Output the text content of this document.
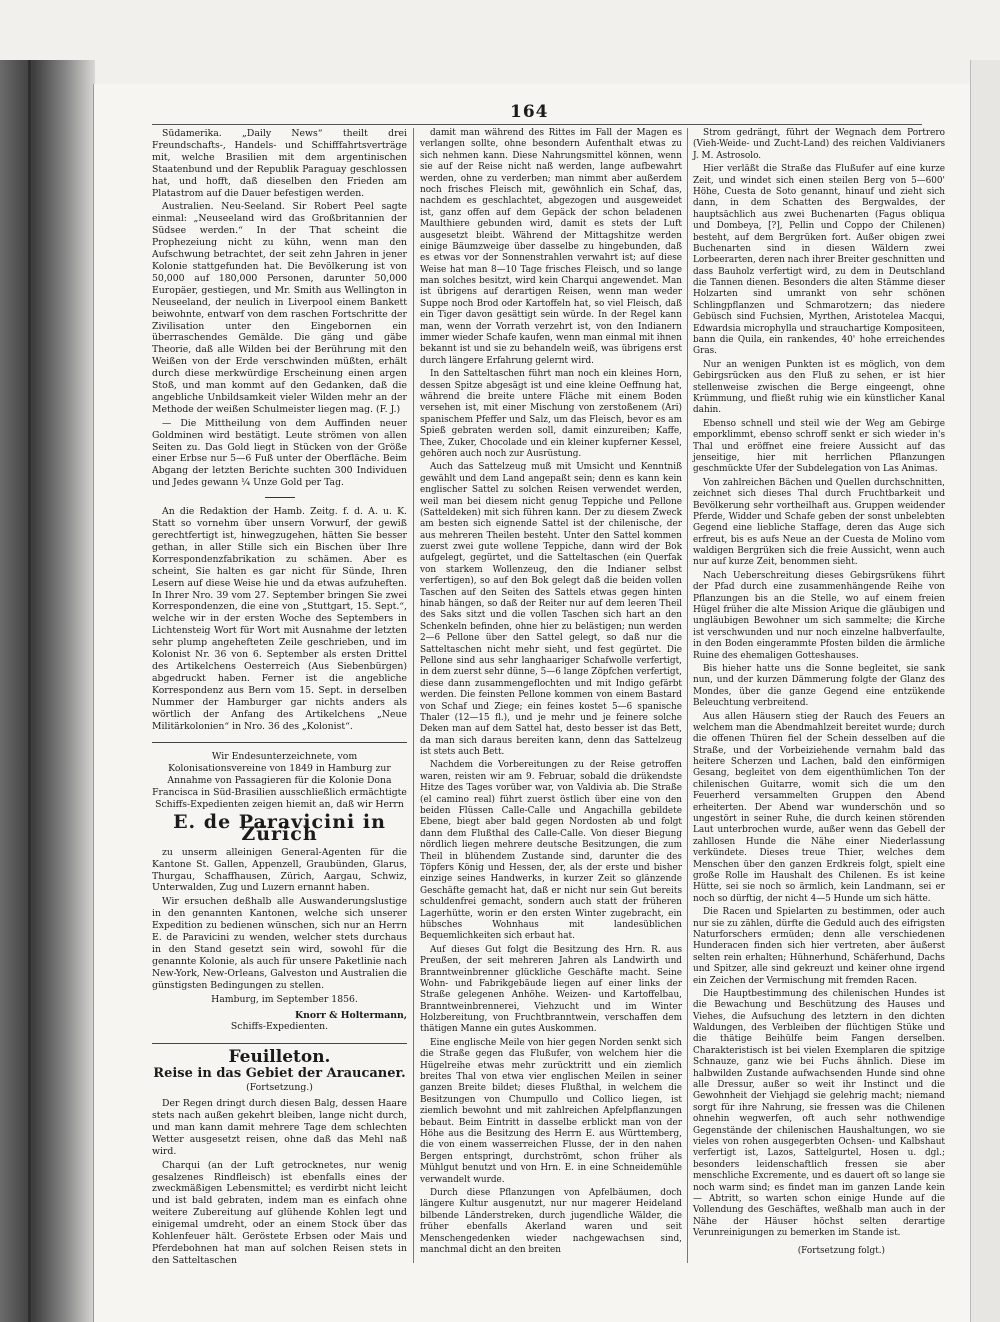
164

Südamerika. „Daily News“ theilt drei Freundschafts-, Handels- und Schifffahrtsverträge mit, welche Brasilien mit dem argentinischen Staatenbund und der Republik Paraguay geschlossen hat, und hofft, daß dieselben den Frieden am Platastrom auf die Dauer befestigen werden.

Australien. Neu-Seeland. Sir Robert Peel sagte einmal: „Neuseeland wird das Großbritannien der Südsee werden.“ In der That scheint die Prophezeiung nicht zu kühn, wenn man den Aufschwung betrachtet, der seit zehn Jahren in jener Kolonie stattgefunden hat. Die Bevölkerung ist von 50,000 auf 180,000 Personen, darunter 50,000 Europäer, gestiegen, und Mr. Smith aus Wellington in Neuseeland, der neulich in Liverpool einem Bankett beiwohnte, entwarf von dem raschen Fortschritte der Zivilisation unter den Eingebornen ein überraschendes Gemälde. Die gäng und gäbe Theorie, daß alle Wilden bei der Berührung mit den Weißen von der Erde verschwinden müßten, erhält durch diese merkwürdige Erscheinung einen argen Stoß, und man kommt auf den Gedanken, daß die angebliche Unbildsamkeit vieler Wilden mehr an der Methode der weißen Schulmeister liegen mag. (F. J.)

— Die Mittheilung von dem Auffinden neuer Goldminen wird bestätigt. Leute strömen von allen Seiten zu. Das Gold liegt in Stücken von der Größe einer Erbse nur 5—6 Fuß unter der Oberfläche. Beim Abgang der letzten Berichte suchten 300 Individuen und Jedes gewann ¼ Unze Gold per Tag.

An die Redaktion der Hamb. Zeitg. f. d. A. u. K. Statt so vornehm über unsern Vorwurf, der gewiß gerechtfertigt ist, hinwegzugehen, hätten Sie besser gethan, in aller Stille sich ein Bischen über Ihre Korrespondenzfabrikation zu schämen. Aber es scheint, Sie halten es gar nicht für Sünde, Ihren Lesern auf diese Weise hie und da etwas aufzuheften. In Ihrer Nro. 39 vom 27. September bringen Sie zwei Korrespondenzen, die eine von „Stuttgart, 15. Sept.“, welche wir in der ersten Woche des Septembers in Lichtensteig Wort für Wort mit Ausnahme der letzten sehr plump angehefteten Zeile geschrieben, und im Kolonist Nr. 36 von 6. September als ersten Drittel des Artikelchens Oesterreich (Aus Siebenbürgen) abgedruckt haben. Ferner ist die angebliche Korrespondenz aus Bern vom 15. Sept. in derselben Nummer der Hamburger gar nichts anders als wörtlich der Anfang des Artikelchens „Neue Militärkolonien“ in Nro. 36 des „Kolonist“.

Wir Endesunterzeichnete, vom Kolonisationsvereine von 1849 in Hamburg zur Annahme von Passagieren für die Kolonie Dona Francisca in Süd-Brasilien ausschließlich ermächtigte Schiffs-Expedienten zeigen hiemit an, daß wir Herrn

E. de Paravicini in Zürich

zu unserm alleinigen General-Agenten für die Kantone St. Gallen, Appenzell, Graubünden, Glarus, Thurgau, Schaffhausen, Zürich, Aargau, Schwiz, Unterwalden, Zug und Luzern ernannt haben.

Wir ersuchen deßhalb alle Auswanderungslustige in den genannten Kantonen, welche sich unserer Expedition zu bedienen wünschen, sich nur an Herrn E. de Paravicini zu wenden, welcher stets durchaus in den Stand gesetzt sein wird, sowohl für die genannte Kolonie, als auch für unsere Paketlinie nach New-York, New-Orleans, Galveston und Australien die günstigsten Bedingungen zu stellen.

Hamburg, im September 1856.

Knorr & Holtermann,
Schiffs-Expedienten.
Feuilleton.
Reise in das Gebiet der Araucaner.
(Fortsetzung.)

Der Regen dringt durch diesen Balg, dessen Haare stets nach außen gekehrt bleiben, lange nicht durch, und man kann damit mehrere Tage dem schlechten Wetter ausgesetzt reisen, ohne daß das Mehl naß wird.

Charqui (an der Luft getrocknetes, nur wenig gesalzenes Rindfleisch) ist ebenfalls eines der zweckmäßigen Lebensmittel; es verdirbt nicht leicht und ist bald gebraten, indem man es einfach ohne weitere Zubereitung auf glühende Kohlen legt und einigemal umdreht, oder an einem Stock über das Kohlenfeuer hält. Geröstete Erbsen oder Mais und Pferdebohnen hat man auf solchen Reisen stets in den Satteltaschen

damit man während des Rittes im Fall der Magen es verlangen sollte, ohne besondern Aufenthalt etwas zu sich nehmen kann. Diese Nahrungsmittel können, wenn sie auf der Reise nicht naß werden, lange aufbewahrt werden, ohne zu verderben; man nimmt aber außerdem noch frisches Fleisch mit, gewöhnlich ein Schaf, das, nachdem es geschlachtet, abgezogen und ausgeweidet ist, ganz offen auf dem Gepäck der schon beladenen Maulthiere gebunden wird, damit es stets der Luft ausgesetzt bleibt. Während der Mittagshitze werden einige Bäumzweige über dasselbe zu hingebunden, daß es etwas vor der Sonnenstrahlen verwahrt ist; auf diese Weise hat man 8—10 Tage frisches Fleisch, und so lange man solches besitzt, wird kein Charqui angewendet. Man ist übrigens auf derartigen Reisen, wenn man weder Suppe noch Brod oder Kartoffeln hat, so viel Fleisch, daß ein Tiger davon gesättigt sein würde. In der Regel kann man, wenn der Vorrath verzehrt ist, von den Indianern immer wieder Schafe kaufen, wenn man einmal mit ihnen bekannt ist und sie zu behandeln weiß, was übrigens erst durch längere Erfahrung gelernt wird.

In den Satteltaschen führt man noch ein kleines Horn, dessen Spitze abgesägt ist und eine kleine Oeffnung hat, während die breite untere Fläche mit einem Boden versehen ist, mit einer Mischung von zerstoßenem (Ari) spanischem Pfeffer und Salz, um das Fleisch, bevor es am Spieß gebraten werden soll, damit einzureiben; Kaffe, Thee, Zuker, Chocolade und ein kleiner kupferner Kessel, gehören auch noch zur Ausrüstung.

Auch das Sattelzeug muß mit Umsicht und Kenntniß gewählt und dem Land angepaßt sein; denn es kann kein englischer Sattel zu solchen Reisen verwendet werden, weil man bei diesem nicht genug Teppiche und Pellone (Satteldeken) mit sich führen kann. Der zu diesem Zweck am besten sich eignende Sattel ist der chilenische, der aus mehreren Theilen besteht. Unter den Sattel kommen zuerst zwei gute wollene Teppiche, dann wird der Bok aufgelegt, gegürtet, und die Satteltaschen (ein Querfak von starkem Wollenzeug, den die Indianer selbst verfertigen), so auf den Bok gelegt daß die beiden vollen Taschen auf den Seiten des Sattels etwas gegen hinten hinab hängen, so daß der Reiter nur auf dem leeren Theil des Saks sitzt und die vollen Taschen sich hart an den Schenkeln befinden, ohne hier zu belästigen; nun werden 2—6 Pellone über den Sattel gelegt, so daß nur die Satteltaschen nicht mehr sieht, und fest gegürtet. Die Pellone sind aus sehr langhaariger Schafwolle verfertigt, in dem zuerst sehr dünne, 5—6 lange Zöpfchen verfertigt, diese dann zusammengeflochten und mit Indigo gefärbt werden. Die feinsten Pellone kommen von einem Bastard von Schaf und Ziege; ein feines kostet 5—6 spanische Thaler (12—15 fl.), und je mehr und je feinere solche Deken man auf dem Sattel hat, desto besser ist das Bett, da man sich daraus bereiten kann, denn das Sattelzeug ist stets auch Bett.

Nachdem die Vorbereitungen zu der Reise getroffen waren, reisten wir am 9. Februar, sobald die drükendste Hitze des Tages vorüber war, von Valdivia ab. Die Straße (el camino real) führt zuerst östlich über eine von den beiden Flüssen Calle-Calle und Angachilla gebildete Ebene, biegt aber bald gegen Nordosten ab und folgt dann dem Flußthal des Calle-Calle. Von dieser Biegung nördlich liegen mehrere deutsche Besitzungen, die zum Theil in blühendem Zustande sind, darunter die des Töpfers König und Hessen, der, als der erste und bisher einzige seines Handwerks, in kurzer Zeit so glänzende Geschäfte gemacht hat, daß er nicht nur sein Gut bereits schuldenfrei gemacht, sondern auch statt der früheren Lagerhütte, worin er den ersten Winter zugebracht, ein hübsches Wohnhaus mit landesüblichen Bequemlichkeiten sich erbaut hat.

Auf dieses Gut folgt die Besitzung des Hrn. R. aus Preußen, der seit mehreren Jahren als Landwirth und Branntweinbrenner glückliche Geschäfte macht. Seine Wohn- und Fabrikgebäude liegen auf einer links der Straße gelegenen Anhöhe. Weizen- und Kartoffelbau, Branntweinbrennerei, Viehzucht und im Winter Holzbereitung, von Fruchtbranntwein, verschaffen dem thätigen Manne ein gutes Auskommen.

Eine englische Meile von hier gegen Norden senkt sich die Straße gegen das Flußufer, von welchem hier die Hügelreihe etwas mehr zurücktritt und ein ziemlich breites Thal von etwa vier englischen Meilen in seiner ganzen Breite bildet; dieses Flußthal, in welchem die Besitzungen von Chumpullo und Collico liegen, ist ziemlich bewohnt und mit zahlreichen Apfelpflanzungen bebaut. Beim Eintritt in dasselbe erblickt man von der Höhe aus die Besitzung des Herrn E. aus Württemberg, die von einem wasserreichen Flusse, der in den nahen Bergen entspringt, durchströmt, schon früher als Mühlgut benutzt und von Hrn. E. in eine Schneidemühle verwandelt wurde.

Durch diese Pflanzungen von Apfelbäumen, doch längere Kultur ausgenutzt, nur nur magerer Heideland bilbende Länderstreken, durch jugendliche Wälder, die früher ebenfalls Akerland waren und seit Menschengedenken wieder nachgewachsen sind, manchmal dicht an den breiten

Strom gedrängt, führt der Wegnach dem Portrero (Vieh-Weide- und Zucht-Land) des reichen Valdivianers J. M. Astrosolo.

Hier verläßt die Straße das Flußufer auf eine kurze Zeit, und windet sich einen steilen Berg von 5—600' Höhe, Cuesta de Soto genannt, hinauf und zieht sich dann, in dem Schatten des Bergwaldes, der hauptsächlich aus zwei Buchenarten (Fagus obliqua und Dombeya, [?], Pellin und Coppo der Chilenen) besteht, auf dem Bergrüken fort. Außer obigen zwei Buchenarten sind in diesen Wäldern zwei Lorbeerarten, deren nach ihrer Breiter geschnitten und dass Bauholz verfertigt wird, zu dem in Deutschland die Tannen dienen. Besonders die alten Stämme dieser Holzarten sind umrankt von sehr schönen Schlingpflanzen und Schmarotzern; das niedere Gebüsch sind Fuchsien, Myrthen, Aristotelea Macqui, Edwardsia microphylla und strauchartige Kompositeen, bann die Quila, ein rankendes, 40' hohe erreichendes Gras.

Nur an wenigen Punkten ist es möglich, von dem Gebirgsrücken aus den Fluß zu sehen, er ist hier stellenweise zwischen die Berge eingeengt, ohne Krümmung, und fließt ruhig wie ein künstlicher Kanal dahin.

Ebenso schnell und steil wie der Weg am Gebirge emporklimmt, ebenso schroff senkt er sich wieder in's Thal und eröffnet eine freiere Aussicht auf das jenseitige, hier mit herrlichen Pflanzungen geschmückte Ufer der Subdelegation von Las Animas.

Von zahlreichen Bächen und Quellen durchschnitten, zeichnet sich dieses Thal durch Fruchtbarkeit und Bevölkerung sehr vortheilhaft aus. Gruppen weidender Pferde, Widder und Schafe geben der sonst unbelebten Gegend eine liebliche Staffage, deren das Auge sich erfreut, bis es aufs Neue an der Cuesta de Molino vom waldigen Bergrüken sich die freie Aussicht, wenn auch nur auf kurze Zeit, benommen sieht.

Nach Ueberschreitung dieses Gebirgsrükens führt der Pfad durch eine zusammenhängende Reihe von Pflanzungen bis an die Stelle, wo auf einem freien Hügel früher die alte Mission Arique die gläubigen und ungläubigen Bewohner um sich sammelte; die Kirche ist verschwunden und nur noch einzelne halbverfaulte, in den Boden eingerammte Pfosten bilden die ärmliche Ruine des ehemaligen Gotteshauses.

Bis hieher hatte uns die Sonne begleitet, sie sank nun, und der kurzen Dämmerung folgte der Glanz des Mondes, über die ganze Gegend eine entzükende Beleuchtung verbreitend.

Aus allen Häusern stieg der Rauch des Feuers an welchem man die Abendmahlzeit bereitet wurde; durch die offenen Thüren fiel der Schein desselben auf die Straße, und der Vorbeiziehende vernahm bald das heitere Scherzen und Lachen, bald den einförmigen Gesang, begleitet von dem eigenthümlichen Ton der chilenischen Guitarre, womit sich die um den Feuerherd versammelten Gruppen den Abend erheiterten. Der Abend war wunderschön und so ungestört in seiner Ruhe, die durch keinen störenden Laut unterbrochen wurde, außer wenn das Gebell der zahllosen Hunde die Nähe einer Niederlassung verkündete. Dieses treue Thier, welches dem Menschen über den ganzen Erdkreis folgt, spielt eine große Rolle im Haushalt des Chilenen. Es ist keine Hütte, sei sie noch so ärmlich, kein Landmann, sei er noch so dürftig, der nicht 4—5 Hunde um sich hätte.

Die Racen und Spielarten zu bestimmen, oder auch nur sie zu zählen, dürfte die Geduld auch des eifrigsten Naturforschers ermüden; denn alle verschiedenen Hunderacen finden sich hier vertreten, aber äußerst selten rein erhalten; Hühnerhund, Schäferhund, Dachs und Spitzer, alle sind gekreuzt und keiner ohne irgend ein Zeichen der Vermischung mit fremden Racen.

Die Hauptbestimmung des chilenischen Hundes ist die Bewachung und Beschützung des Hauses und Viehes, die Aufsuchung des letztern in den dichten Waldungen, des Verbleiben der flüchtigen Stüke und die thätige Beihülfe beim Fangen derselben. Charakteristisch ist bei vielen Exemplaren die spitzige Schnauze, ganz wie bei Fuchs ähnlich. Diese im halbwilden Zustande aufwachsenden Hunde sind ohne alle Dressur, außer so weit ihr Instinct und die Gewohnheit der Viehjagd sie gelehrig macht; niemand sorgt für ihre Nahrung, sie fressen was die Chilenen ohnehin wegwerfen, oft auch sehr nothwendige Gegenstände der chilenischen Haushaltungen, wo sie vieles von rohen ausgegerbten Ochsen- und Kalbshaut verfertigt ist, Lazos, Sattelgurtel, Hosen u. dgl.; besonders leidenschaftlich fressen sie aber menschliche Excremente, und es dauert oft so lange sie noch warm sind; es findet man im ganzen Lande kein — Abtritt, so warten schon einige Hunde auf die Vollendung des Geschäftes, weßhalb man auch in der Nähe der Häuser höchst selten derartige Verunreinigungen zu bemerken im Stande ist.

(Fortsetzung folgt.)
